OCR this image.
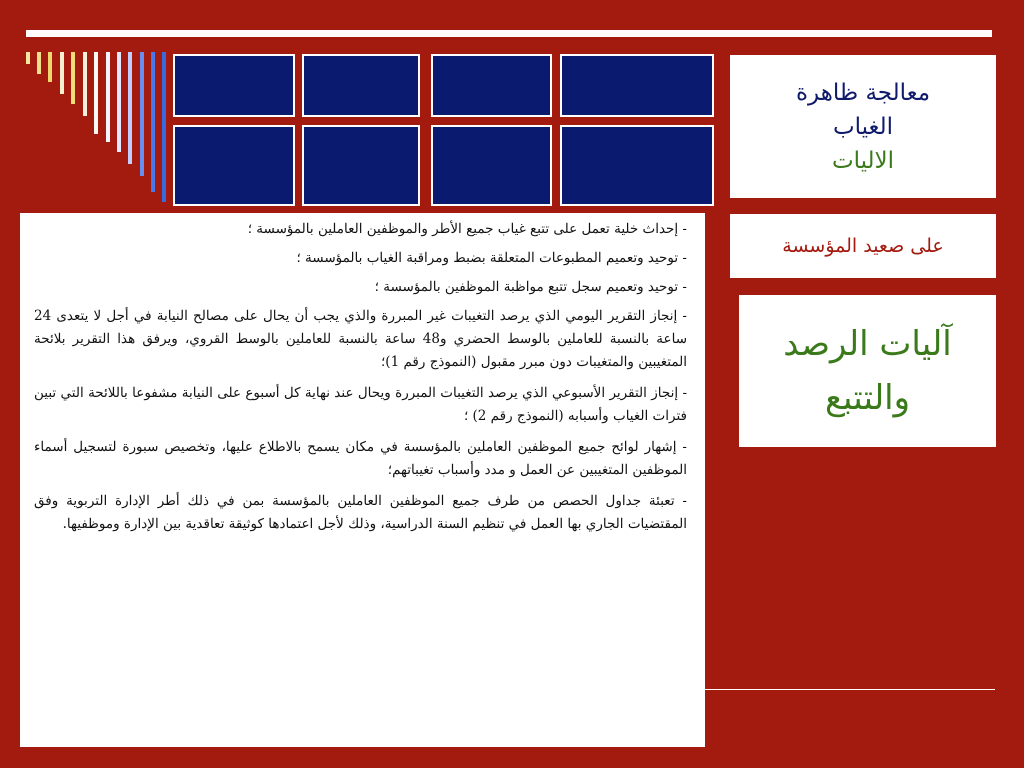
معالجة ظاهرة
الغياب
الاليات
على صعيد المؤسسة
آليات الرصد
والتتبع

- إحداث خلية تعمل على تتبع غياب جميع الأطر والموظفين العاملين بالمؤسسة ؛

- توحيد وتعميم المطبوعات المتعلقة بضبط ومراقبة الغياب بالمؤسسة ؛

- توحيد وتعميم سجل تتبع مواظبة الموظفين بالمؤسسة ؛

- إنجاز التقرير اليومي الذي يرصد التغيبات غير المبررة والذي يجب أن يحال على مصالح النيابة في أجل لا يتعدى 24 ساعة بالنسبة للعاملين بالوسط الحضري و48 ساعة بالنسبة للعاملين بالوسط القروي، ويرفق هذا التقرير بلائحة المتغيبين والمتغيبات دون مبرر مقبول (النموذج رقم 1)؛

- إنجاز التقرير الأسبوعي الذي يرصد التغيبات المبررة ويحال عند نهاية كل أسبوع على النيابة مشفوعا باللائحة التي تبين فترات الغياب وأسبابه (النموذج رقم 2) ؛

- إشهار لوائح جميع الموظفين العاملين بالمؤسسة في مكان يسمح بالاطلاع عليها، وتخصيص سبورة لتسجيل أسماء الموظفين المتغيبين عن العمل و مدد وأسباب تغيباتهم؛

- تعبئة جداول الحصص من طرف جميع الموظفين العاملين بالمؤسسة بمن في ذلك أطر الإدارة التربوية وفق المقتضيات الجاري بها العمل في تنظيم السنة الدراسية، وذلك لأجل اعتمادها كوثيقة تعاقدية بين الإدارة وموظفيها.
